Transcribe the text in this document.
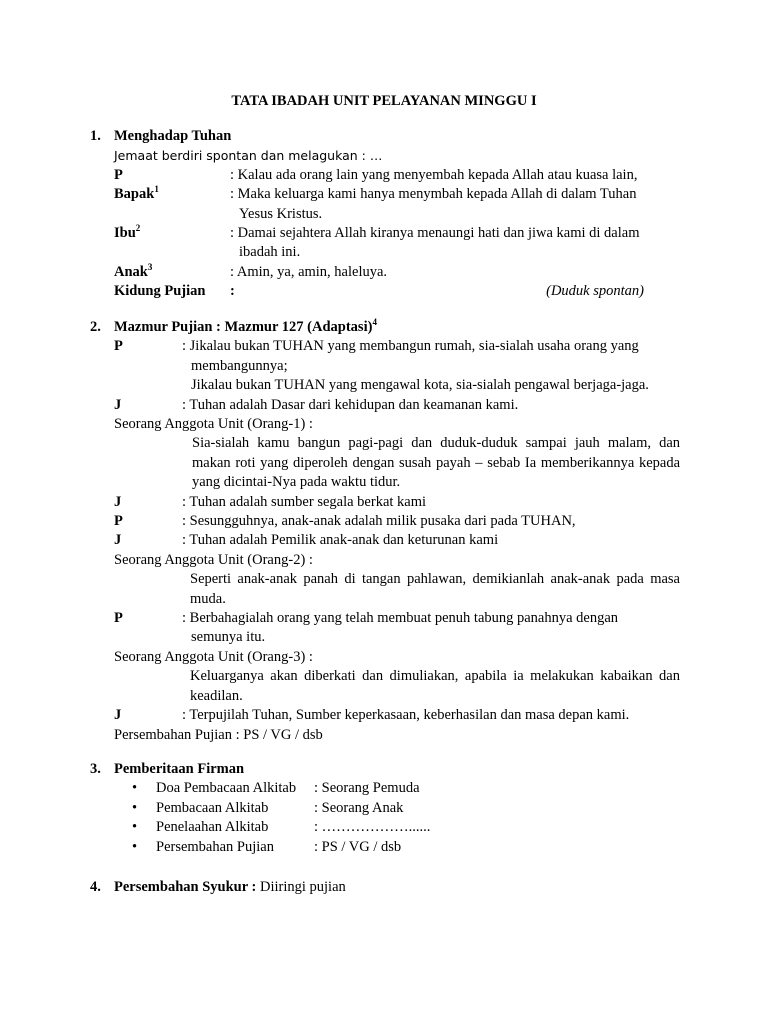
TATA IBADAH UNIT PELAYANAN MINGGU I
1. Menghadap Tuhan
Jemaat berdiri spontan dan melagukan : …
P	: Kalau ada orang lain yang menyembah kepada Allah atau kuasa lain,
Bapak$^1$	: Maka keluarga kami hanya menymbah kepada Allah di dalam Tuhan
Yesus Kristus.
Ibu$^2$	: Damai sejahtera Allah kiranya menaungi hati dan jiwa kami di dalam
ibadah ini.
Anak$^3$	: Amin, ya, amin, haleluya.
Kidung Pujian	:	(Duduk spontan)
2. Mazmur Pujian : Mazmur 127 (Adaptasi)$^4$
P	: Jikalau bukan TUHAN yang membangun rumah, sia-sialah usaha orang yang
membangunnya;
Jikalau bukan TUHAN yang mengawal kota, sia-sialah pengawal berjaga-jaga.
J	: Tuhan adalah Dasar dari kehidupan dan keamanan kami.
Seorang Anggota Unit (Orang-1) :
Sia-sialah kamu bangun pagi-pagi dan duduk-duduk sampai jauh malam, dan makan roti yang diperoleh dengan susah payah – sebab Ia memberikannya kepada yang dicintai-Nya pada waktu tidur.
J	: Tuhan adalah sumber segala berkat kami
P	: Sesungguhnya, anak-anak adalah milik pusaka dari pada TUHAN,
J	: Tuhan adalah Pemilik anak-anak dan keturunan kami
Seorang Anggota Unit (Orang-2) :
Seperti anak-anak panah di tangan pahlawan, demikianlah anak-anak pada masa muda.
P	: Berbahagialah orang yang telah membuat penuh tabung panahnya dengan
semunya itu.
Seorang Anggota Unit (Orang-3) :
Keluarganya akan diberkati dan dimuliakan, apabila ia melakukan kabaikan dan keadilan.
J	: Terpujilah Tuhan, Sumber keperkasaan, keberhasilan dan masa depan kami.
Persembahan Pujian : PS / VG / dsb
3. Pemberitaan Firman
•	Doa Pembacaan Alkitab	: Seorang Pemuda
•	Pembacaan Alkitab	: Seorang Anak
•	Penelaahan Alkitab	: ………………......
•	Persembahan Pujian	: PS / VG / dsb
4. Persembahan Syukur : Diiringi pujian
